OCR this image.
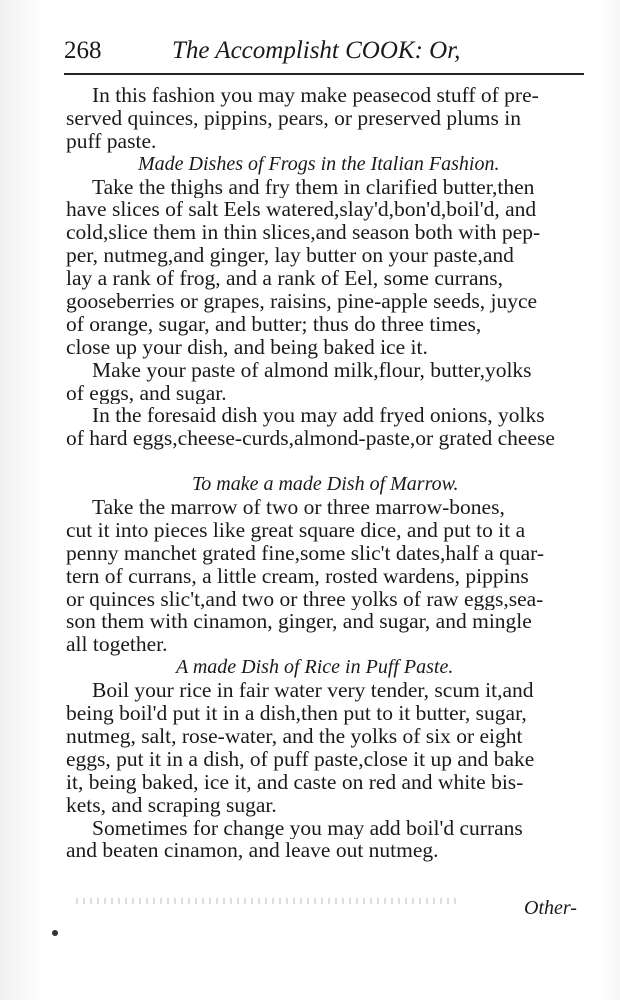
268	The Accomplisht COOK: Or,
In this fashion you may make peasecod stuff of pre-
served quinces, pippins, pears, or preserved plums in
puff paste.
Made Dishes of Frogs in the Italian Fashion.
Take the thighs and fry them in clarified butter,then
have slices of salt Eels watered,slay'd,bon'd,boil'd, and
cold,slice them in thin slices,and season both with pep-
per, nutmeg,and ginger, lay butter on your paste,and
lay a rank of frog, and a rank of Eel, some currans,
gooseberries or grapes, raisins, pine-apple seeds, juyce
of orange, sugar, and butter; thus do three times,
close up your dish, and being baked ice it.
Make your paste of almond milk,flour, butter,yolks
of eggs, and sugar.
In the foresaid dish you may add fryed onions, yolks
of hard eggs,cheese-curds,almond-paste,or grated cheese
To make a made Dish of Marrow.
Take the marrow of two or three marrow-bones,
cut it into pieces like great square dice, and put to it a
penny manchet grated fine,some slic't dates,half a quar-
tern of currans, a little cream, rosted wardens, pippins
or quinces slic't,and two or three yolks of raw eggs,sea-
son them with cinamon, ginger, and sugar, and mingle
all together.
A made Dish of Rice in Puff Paste.
Boil your rice in fair water very tender, scum it,and
being boil'd put it in a dish,then put to it butter, sugar,
nutmeg, salt, rose-water, and the yolks of six or eight
eggs, put it in a dish, of puff paste,close it up and bake
it, being baked, ice it, and caste on red and white bis-
kets, and scraping sugar.
Sometimes for change you may add boil'd currans
and beaten cinamon, and leave out nutmeg.
Other-
